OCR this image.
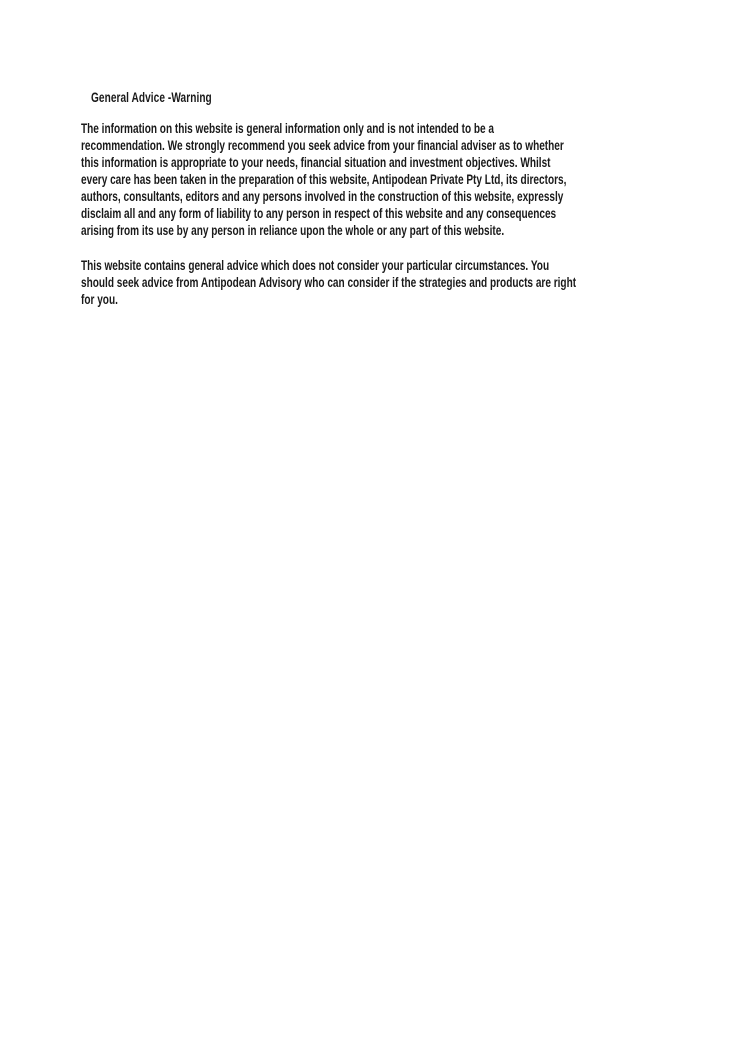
General Advice -Warning
The information on this website is general information only and is not intended to be a
recommendation. We strongly recommend you seek advice from your financial adviser as to whether
this information is appropriate to your needs, financial situation and investment objectives. Whilst
every care has been taken in the preparation of this website, Antipodean Private Pty Ltd, its directors,
authors, consultants, editors and any persons involved in the construction of this website, expressly
disclaim all and any form of liability to any person in respect of this website and any consequences
arising from its use by any person in reliance upon the whole or any part of this website.
This website contains general advice which does not consider your particular circumstances. You
should seek advice from Antipodean Advisory who can consider if the strategies and products are right
for you.
